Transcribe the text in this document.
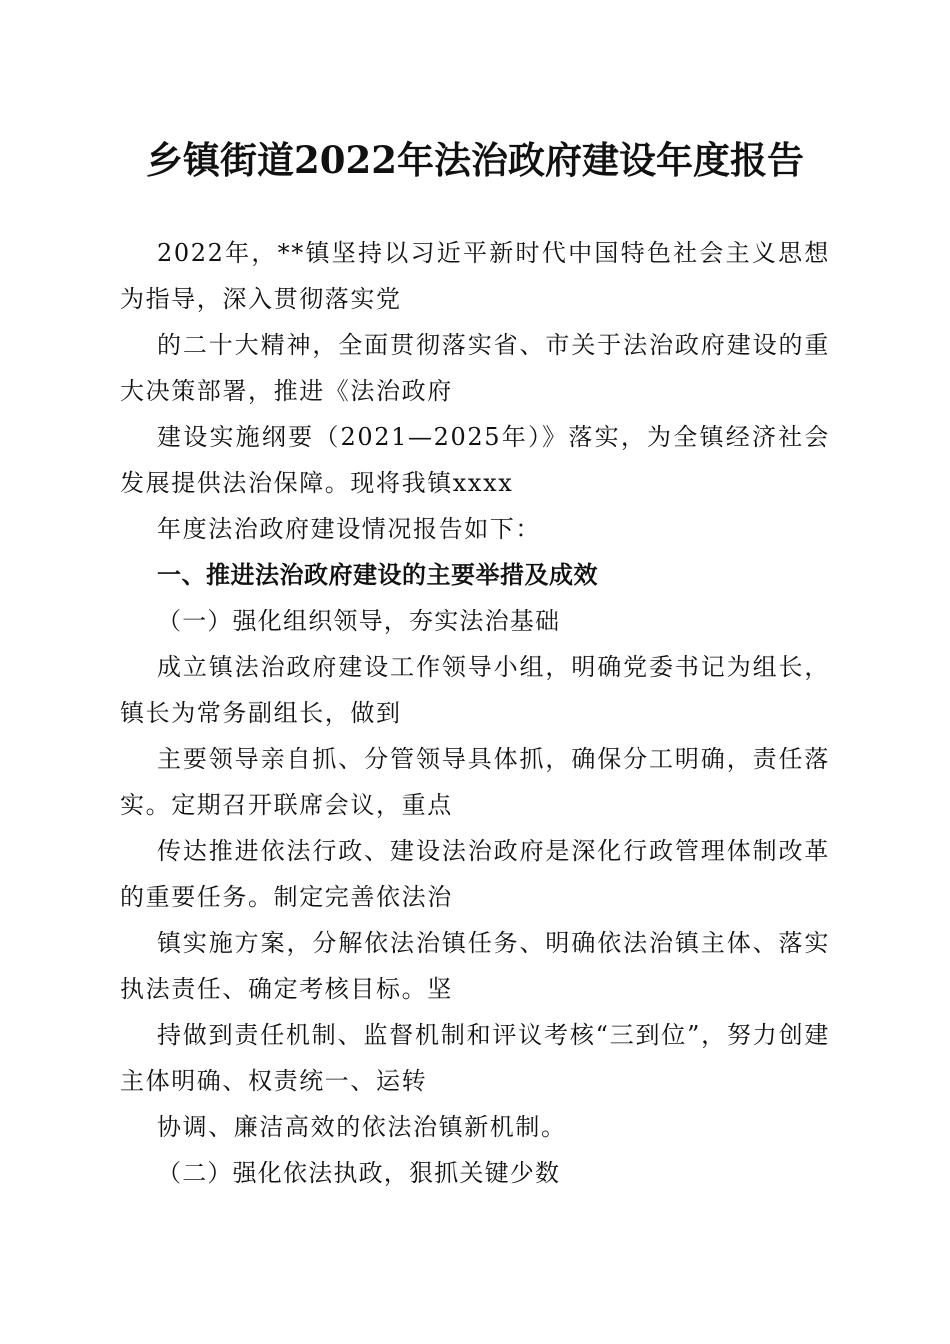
乡镇街道2022年法治政府建设年度报告

2022年，**镇坚持以习近平新时代中国特色社会主义思想为指导，深入贯彻落实党

的二十大精神，全面贯彻落实省、市关于法治政府建设的重大决策部署，推进《法治政府

建设实施纲要（2021—2025年）》落实，为全镇经济社会发展提供法治保障。现将我镇xxxx

年度法治政府建设情况报告如下：

一、推进法治政府建设的主要举措及成效

（一）强化组织领导，夯实法治基础

成立镇法治政府建设工作领导小组，明确党委书记为组长，镇长为常务副组长，做到

主要领导亲自抓、分管领导具体抓，确保分工明确，责任落实。定期召开联席会议，重点

传达推进依法行政、建设法治政府是深化行政管理体制改革的重要任务。制定完善依法治

镇实施方案，分解依法治镇任务、明确依法治镇主体、落实执法责任、确定考核目标。坚

持做到责任机制、监督机制和评议考核“三到位”，努力创建主体明确、权责统一、运转

协调、廉洁高效的依法治镇新机制。

（二）强化依法执政，狠抓关键少数
